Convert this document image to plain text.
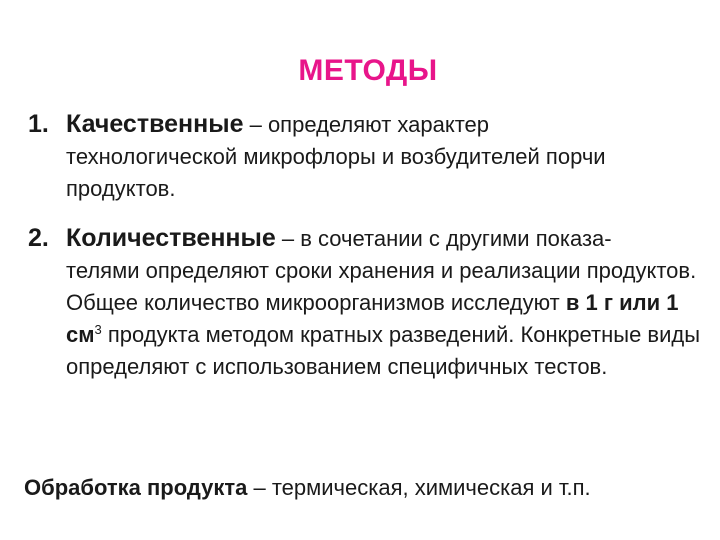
МЕТОДЫ
1. Качественные – определяют характер
технологической микрофлоры и возбудителей порчи продуктов.
2. Количественные – в сочетании с другими показа-
телями определяют сроки хранения и реализации продуктов. Общее количество микроорганизмов исследуют в 1 г или 1 $см^3$ продукта методом кратных разведений. Конкретные виды определяют с использованием специфичных тестов.
Обработка продукта – термическая, химическая и т.п.
